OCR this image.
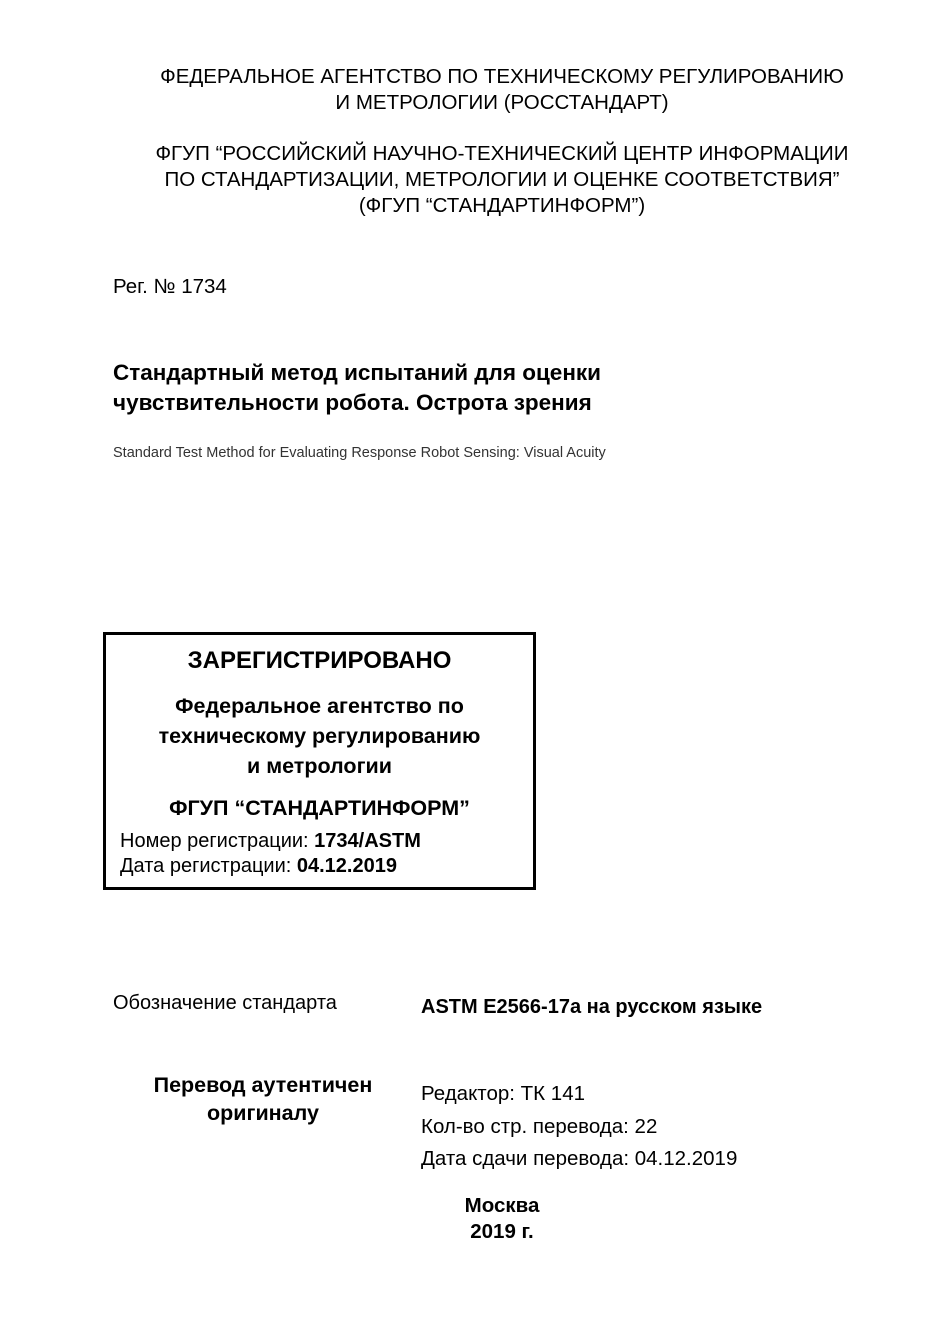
ФЕДЕРАЛЬНОЕ АГЕНТСТВО ПО ТЕХНИЧЕСКОМУ РЕГУЛИРОВАНИЮ
И МЕТРОЛОГИИ (РОССТАНДАРТ)
ФГУП “РОССИЙСКИЙ НАУЧНО-ТЕХНИЧЕСКИЙ ЦЕНТР ИНФОРМАЦИИ
ПО СТАНДАРТИЗАЦИИ, МЕТРОЛОГИИ И ОЦЕНКЕ СООТВЕТСТВИЯ”
(ФГУП “СТАНДАРТИНФОРМ”)
Рег. № 1734
Стандартный метод испытаний для оценки
чувствительности робота. Острота зрения
Standard Test Method for Evaluating Response Robot Sensing: Visual Acuity
ЗАРЕГИСТРИРОВАНО
Федеральное агентство по
техническому регулированию
и метрологии
ФГУП “СТАНДАРТИНФОРМ”
Номер регистрации: 1734/ASTM
Дата регистрации: 04.12.2019
Обозначение стандарта	ASTM E2566-17a на русском языке
Перевод аутентичен
оригиналу
Редактор: ТК 141
Кол-во стр. перевода: 22
Дата сдачи перевода: 04.12.2019
Москва
2019 г.
